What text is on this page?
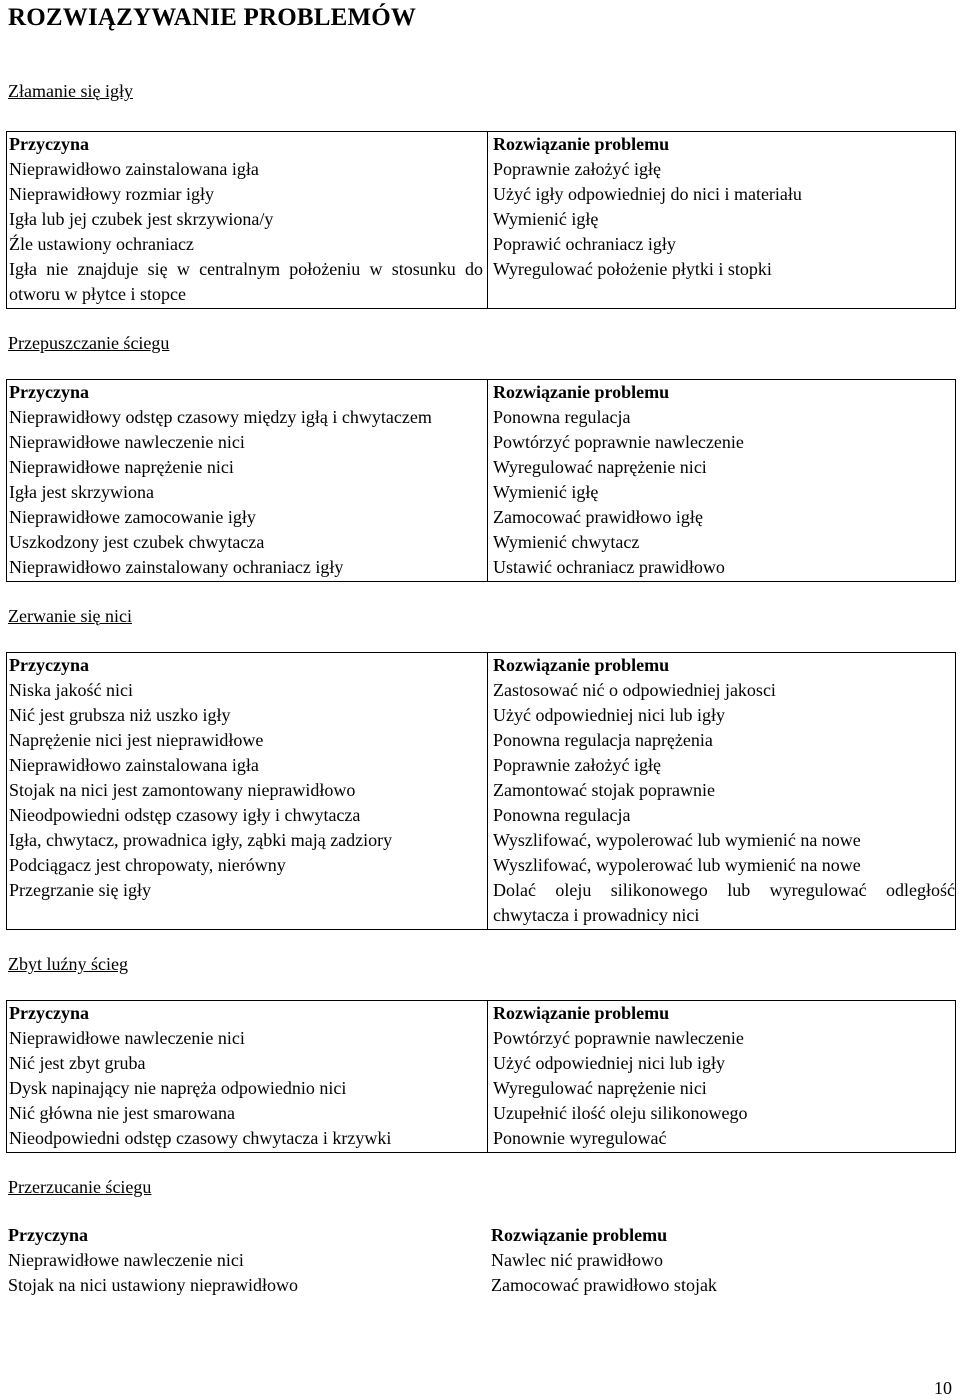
ROZWIĄZYWANIE PROBLEMÓW

Złamanie się igły

Przyczyna	Rozwiązanie problemu
Nieprawidłowo zainstalowana igła	Poprawnie założyć igłę
Nieprawidłowy rozmiar igły	Użyć igły odpowiedniej do nici i materiału
Igła lub jej czubek jest skrzywiona/y	Wymienić igłę
Źle ustawiony ochraniacz	Poprawić ochraniacz igły
Igła nie znajduje się w centralnym położeniu w stosunku do otworu w płytce i stopce	Wyregulować położenie płytki i stopki

Przepuszczanie ściegu

Przyczyna	Rozwiązanie problemu
Nieprawidłowy odstęp czasowy między igłą i chwytaczem	Ponowna regulacja
Nieprawidłowe nawleczenie nici	Powtórzyć poprawnie nawleczenie
Nieprawidłowe naprężenie nici	Wyregulować naprężenie nici
Igła jest skrzywiona	Wymienić igłę
Nieprawidłowe zamocowanie igły	Zamocować prawidłowo igłę
Uszkodzony jest czubek chwytacza	Wymienić chwytacz
Nieprawidłowo zainstalowany ochraniacz igły	Ustawić ochraniacz prawidłowo

Zerwanie się nici

Przyczyna	Rozwiązanie problemu
Niska jakość nici	Zastosować nić o odpowiedniej jakosci
Nić jest grubsza niż uszko igły	Użyć odpowiedniej nici lub igły
Naprężenie nici jest nieprawidłowe	Ponowna regulacja naprężenia
Nieprawidłowo zainstalowana igła	Poprawnie założyć igłę
Stojak na nici jest zamontowany nieprawidłowo	Zamontować stojak poprawnie
Nieodpowiedni odstęp czasowy igły i chwytacza	Ponowna regulacja
Igła, chwytacz, prowadnica igły, ząbki mają zadziory	Wyszlifować, wypolerować lub wymienić na nowe
Podciągacz jest chropowaty, nierówny	Wyszlifować, wypolerować lub wymienić na nowe
Przegrzanie się igły	Dolać oleju silikonowego lub wyregulować odległość chwytacza i prowadnicy nici

Zbyt luźny ścieg

Przyczyna	Rozwiązanie problemu
Nieprawidłowe nawleczenie nici	Powtórzyć poprawnie nawleczenie
Nić jest zbyt gruba	Użyć odpowiedniej nici lub igły
Dysk napinający nie napręża odpowiednio nici	Wyregulować naprężenie nici
Nić główna nie jest smarowana	Uzupełnić ilość oleju silikonowego
Nieodpowiedni odstęp czasowy chwytacza i krzywki	Ponownie wyregulować

Przerzucanie ściegu

Przyczyna	Rozwiązanie problemu
Nieprawidłowe nawleczenie nici	Nawlec nić prawidłowo
Stojak na nici ustawiony nieprawidłowo	Zamocować prawidłowo stojak
10
